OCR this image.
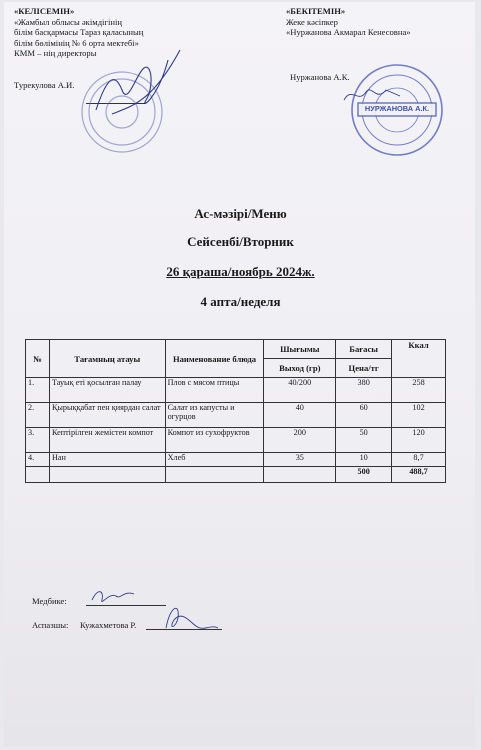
«КЕЛІСЕМІН»
«Жамбыл облысы әкімдігінің
білім басқармасы Тараз қаласының
білім бөлімінің № 6 орта мектебі»
КММ – нің директоры
Турекулова А.И.
«БЕКІТЕМІН»
Жеке кәсіпкер
«Нуржанова Акмарал Кенесовна»
Нуржанова А.К.
НУРЖАНОВА А.К.
Ас-мәзірі/Меню
Сейсенбі/Вторник
26 қараша/ноябрь 2024ж.
4 апта/неделя
№	Тағамның атауы	Наименование блюда	Шығымы	Бағасы	Ккал
			Выход (гр)	Цена/тг	
1.	Тауық еті қосылған палау	Плов с мясом птицы	40/200	380	258
2.	Қырыққабат пен қиярдан салат	Салат из капусты и огурцов	40	60	102
3.	Кептірілген жемістен компот	Компот из сухофруктов	200	50	120
4.	Нан	Хлеб	35	10	8,7
				500	488,7
Медбике:
Аспазшы: Кужахметова Р.
